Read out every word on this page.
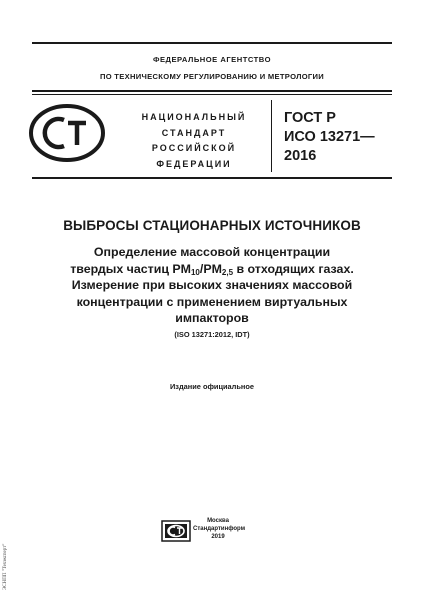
ФЕДЕРАЛЬНОЕ АГЕНТСТВО
ПО ТЕХНИЧЕСКОМУ РЕГУЛИРОВАНИЮ И МЕТРОЛОГИИ
РСТ
НАЦИОНАЛЬНЫЙ
СТАНДАРТ
РОССИЙСКОЙ
ФЕДЕРАЦИИ
ГОСТ Р
ИСО 13271—
2016
ВЫБРОСЫ СТАЦИОНАРНЫХ ИСТОЧНИКОВ
Определение массовой концентрации
твердых частиц $PM_{10}/PM_{2,5}$ в отходящих газах.
Измерение при высоких значениях массовой
концентрации с применением виртуальных
импакторов
(ISO 13271:2012, IDT)
Издание официальное
Москва
Стандартинформ
2019
ЭСНПП "Техэксперт"
